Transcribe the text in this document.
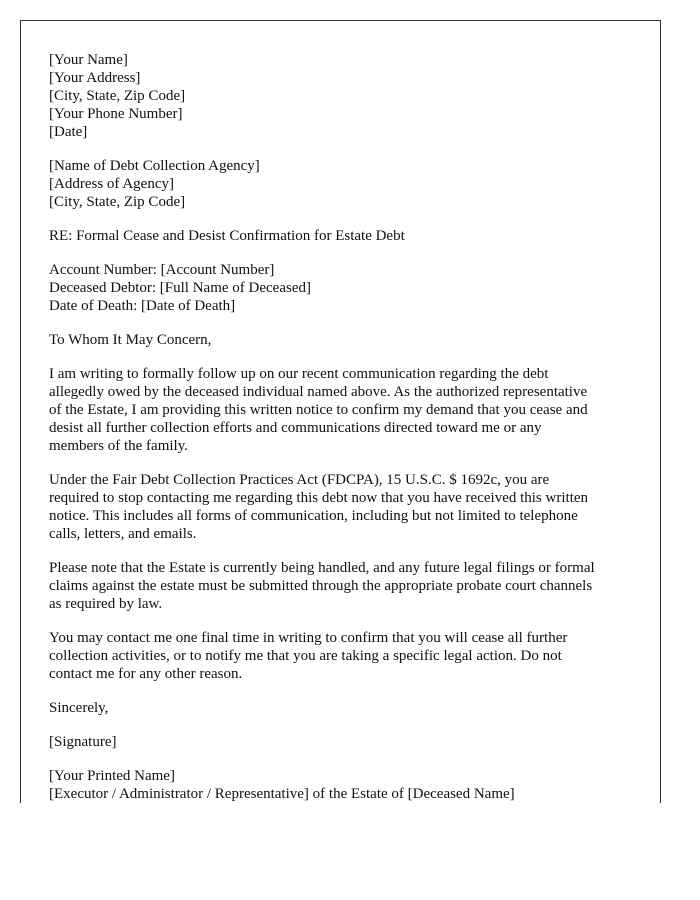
[Your Name]
[Your Address]
[City, State, Zip Code]
[Your Phone Number]
[Date]
[Name of Debt Collection Agency]
[Address of Agency]
[City, State, Zip Code]
RE: Formal Cease and Desist Confirmation for Estate Debt
Account Number: [Account Number]
Deceased Debtor: [Full Name of Deceased]
Date of Death: [Date of Death]
To Whom It May Concern,
I am writing to formally follow up on our recent communication regarding the debt
allegedly owed by the deceased individual named above. As the authorized representative
of the Estate, I am providing this written notice to confirm my demand that you cease and
desist all further collection efforts and communications directed toward me or any
members of the family.
Under the Fair Debt Collection Practices Act (FDCPA), 15 U.S.C. $ 1692c, you are
required to stop contacting me regarding this debt now that you have received this written
notice. This includes all forms of communication, including but not limited to telephone
calls, letters, and emails.
Please note that the Estate is currently being handled, and any future legal filings or formal
claims against the estate must be submitted through the appropriate probate court channels
as required by law.
You may contact me one final time in writing to confirm that you will cease all further
collection activities, or to notify me that you are taking a specific legal action. Do not
contact me for any other reason.
Sincerely,
[Signature]
[Your Printed Name]
[Executor / Administrator / Representative] of the Estate of [Deceased Name]
